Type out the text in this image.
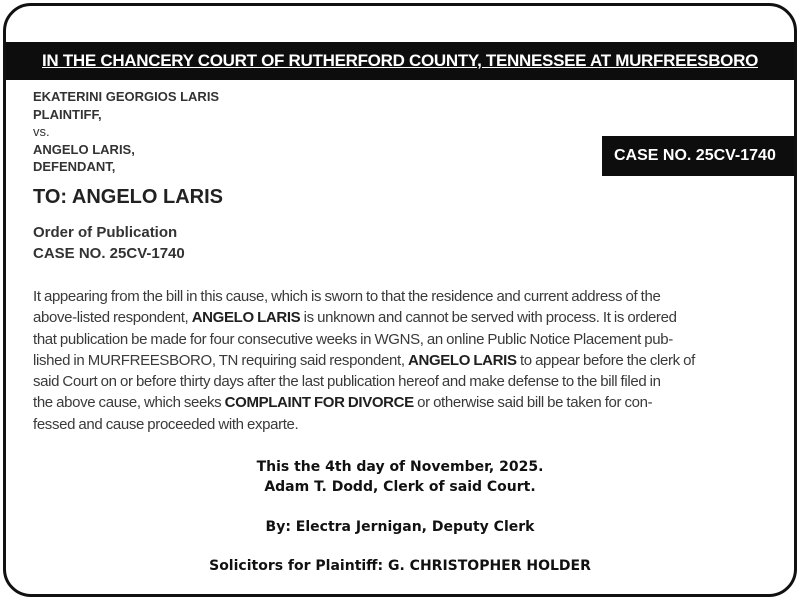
IN THE CHANCERY COURT OF RUTHERFORD COUNTY, TENNESSEE AT MURFREESBORO
EKATERINI GEORGIOS LARIS
PLAINTIFF,
vs.
ANGELO LARIS,
DEFENDANT,
CASE NO. 25CV-1740
TO: ANGELO LARIS
Order of Publication
CASE NO. 25CV-1740
It appearing from the bill in this cause, which is sworn to that the residence and current address of the
above-listed respondent, ANGELO LARIS is unknown and cannot be served with process. It is ordered
that publication be made for four consecutive weeks in WGNS, an online Public Notice Placement pub-
lished in MURFREESBORO, TN requiring said respondent, ANGELO LARIS to appear before the clerk of
said Court on or before thirty days after the last publication hereof and make defense to the bill filed in
the above cause, which seeks COMPLAINT FOR DIVORCE or otherwise said bill be taken for con-
fessed and cause proceeded with exparte.
This the 4th day of November, 2025.
Adam T. Dodd, Clerk of said Court.
By: Electra Jernigan, Deputy Clerk
Solicitors for Plaintiff: G. CHRISTOPHER HOLDER
